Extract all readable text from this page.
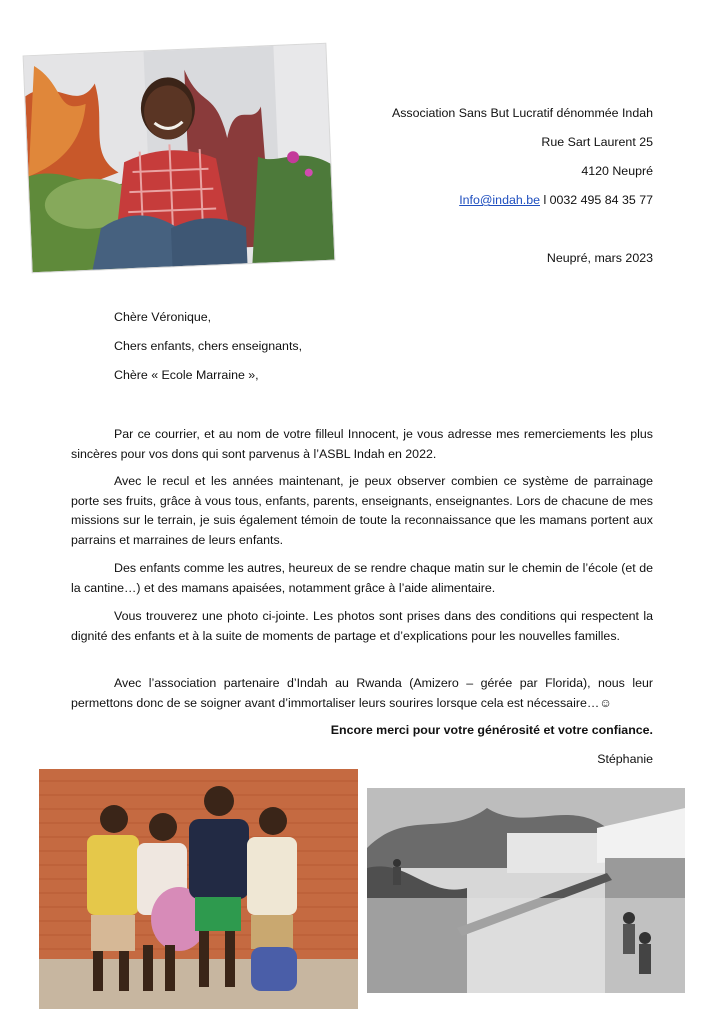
Association Sans But Lucratif dénommée Indah
Rue Sart Laurent 25
4120 Neupré
Info@indah.be l 0032 495 84 35 77
Neupré, mars 2023
Chère Véronique,
Chers enfants, chers enseignants,
Chère « Ecole Marraine »,

Par ce courrier, et au nom de votre filleul Innocent, je vous adresse mes remerciements les plus sincères pour vos dons qui sont parvenus à l’ASBL Indah en 2022.

Avec le recul et les années maintenant, je peux observer combien ce système de parrainage porte ses fruits, grâce à vous tous, enfants, parents, enseignants, enseignantes. Lors de chacune de mes missions sur le terrain, je suis également témoin de toute la reconnaissance que les mamans portent aux parrains et marraines de leurs enfants.

Des enfants comme les autres, heureux de se rendre chaque matin sur le chemin de l’école (et de la cantine…) et des mamans apaisées, notamment grâce à l’aide alimentaire.

Vous trouverez une photo ci-jointe. Les photos sont prises dans des conditions qui respectent la dignité des enfants et à la suite de moments de partage et d’explications pour les nouvelles familles.

Avec l’association partenaire d’Indah au Rwanda (Amizero – gérée par Florida), nous leur permettons donc de se soigner avant d’immortaliser leurs sourires lorsque cela est nécessaire…☺

Encore merci pour votre générosité et votre confiance.
Stéphanie
